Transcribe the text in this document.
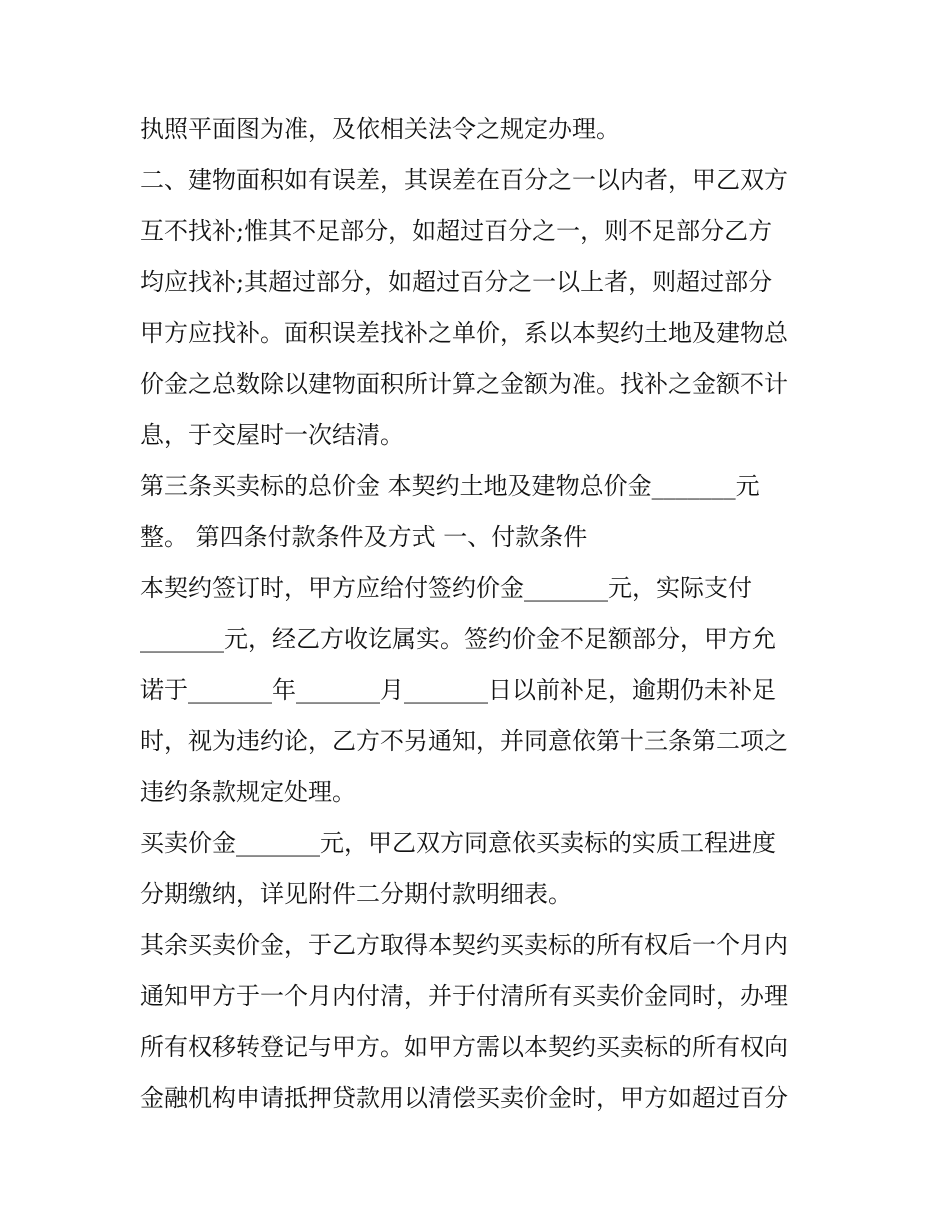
执照平面图为准，及依相关法令之规定办理。
二、建物面积如有误差，其误差在百分之一以内者，甲乙双方
互不找补;惟其不足部分，如超过百分之一，则不足部分乙方
均应找补;其超过部分，如超过百分之一以上者，则超过部分
甲方应找补。面积误差找补之单价，系以本契约土地及建物总
价金之总数除以建物面积所计算之金额为准。找补之金额不计
息，于交屋时一次结清。
第三条买卖标的总价金 本契约土地及建物总价金_______元
整。 第四条付款条件及方式 一、付款条件
本契约签订时，甲方应给付签约价金_______元，实际支付
_______元，经乙方收讫属实。签约价金不足额部分，甲方允
诺于_______年_______月_______日以前补足，逾期仍未补足
时，视为违约论，乙方不另通知，并同意依第十三条第二项之
违约条款规定处理。
买卖价金_______元，甲乙双方同意依买卖标的实质工程进度
分期缴纳，详见附件二分期付款明细表。
其余买卖价金，于乙方取得本契约买卖标的所有权后一个月内
通知甲方于一个月内付清，并于付清所有买卖价金同时，办理
所有权移转登记与甲方。如甲方需以本契约买卖标的所有权向
金融机构申请抵押贷款用以清偿买卖价金时，甲方如超过百分
